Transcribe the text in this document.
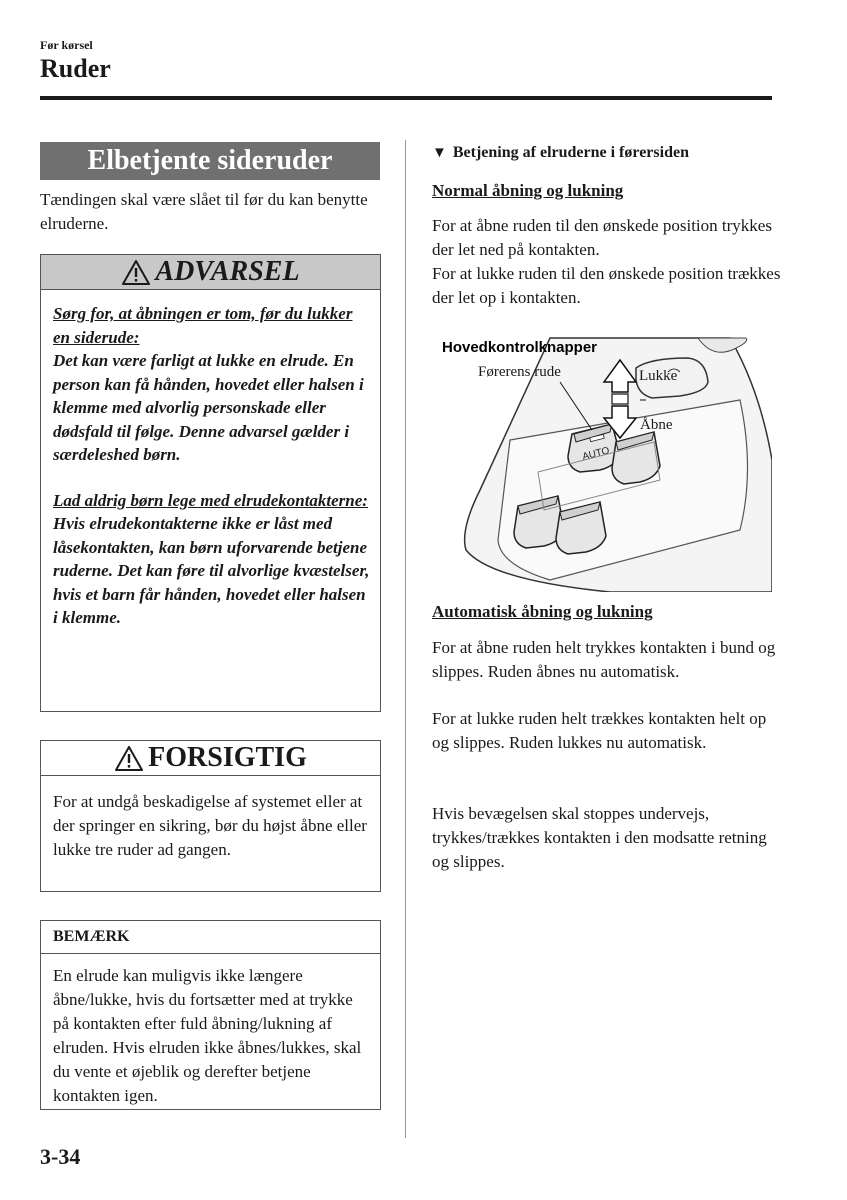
Før kørsel
Ruder
Elbetjente sideruder
Tændingen skal være slået til før du kan benytte elruderne.
ADVARSEL

Sørg for, at åbningen er tom, før du lukker en siderude:

Det kan være farligt at lukke en elrude. En person kan få hånden, hovedet eller halsen i klemme med alvorlig personskade eller dødsfald til følge. Denne advarsel gælder i særdeleshed børn.

Lad aldrig børn lege med elrudekontakterne:

Hvis elrudekontakterne ikke er låst med låsekontakten, kan børn uforvarende betjene ruderne. Det kan føre til alvorlige kvæstelser, hvis et barn får hånden, hovedet eller halsen i klemme.

FORSIGTIG
For at undgå beskadigelse af systemet eller at der springer en sikring, bør du højst åbne eller lukke tre ruder ad gangen.
BEMÆRK
En elrude kan muligvis ikke længere åbne/lukke, hvis du fortsætter med at trykke på kontakten efter fuld åbning/lukning af elruden. Hvis elruden ikke åbnes/lukkes, skal du vente et øjeblik og derefter betjene kontakten igen.
▼ Betjening af elruderne i førersiden
Normal åbning og lukning
For at åbne ruden til den ønskede position trykkes der let ned på kontakten.
For at lukke ruden til den ønskede position trækkes der let op i kontakten.
AUTO
Hovedkontrolknapper
Førerens rude	Lukke
Åbne
Automatisk åbning og lukning
For at åbne ruden helt trykkes kontakten i bund og slippes. Ruden åbnes nu automatisk.
For at lukke ruden helt trækkes kontakten helt op og slippes. Ruden lukkes nu automatisk.
Hvis bevægelsen skal stoppes undervejs, trykkes/trækkes kontakten i den modsatte retning og slippes.
3-34
